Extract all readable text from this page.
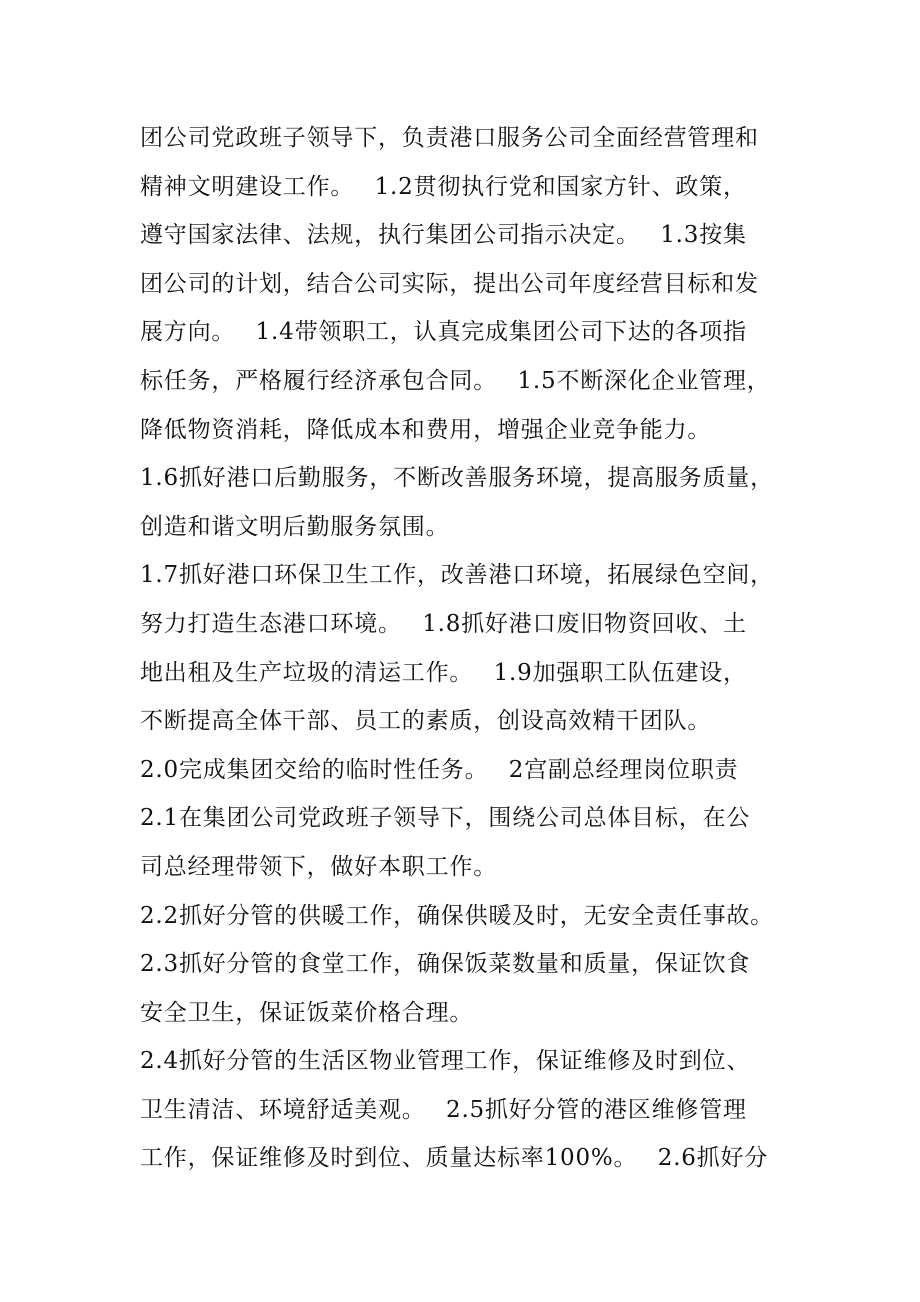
团公司党政班子领导下，负责港口服务公司全面经营管理和
精神文明建设工作。　 1.2贯彻执行党和国家方针、政策，
遵守国家法律、法规，执行集团公司指示决定。　 1.3按集
团公司的计划，结合公司实际，提出公司年度经营目标和发
展方向。　 1.4带领职工，认真完成集团公司下达的各项指
标任务，严格履行经济承包合同。　 1.5不断深化企业管理，
降低物资消耗，降低成本和费用，增强企业竞争能力。
1.6抓好港口后勤服务，不断改善服务环境，提高服务质量，
创造和谐文明后勤服务氛围。
1.7抓好港口环保卫生工作，改善港口环境，拓展绿色空间，
努力打造生态港口环境。　 1.8抓好港口废旧物资回收、土
地出租及生产垃圾的清运工作。　 1.9加强职工队伍建设，
不断提高全体干部、员工的素质，创设高效精干团队。
2.0完成集团交给的临时性任务。　 2宫副总经理岗位职责
2.1在集团公司党政班子领导下，围绕公司总体目标，在公
司总经理带领下，做好本职工作。
2.2抓好分管的供暖工作，确保供暖及时，无安全责任事故。
2.3抓好分管的食堂工作，确保饭菜数量和质量，保证饮食
安全卫生，保证饭菜价格合理。
2.4抓好分管的生活区物业管理工作，保证维修及时到位、
卫生清洁、环境舒适美观。　 2.5抓好分管的港区维修管理
工作，保证维修及时到位、质量达标率100%。　 2.6抓好分
